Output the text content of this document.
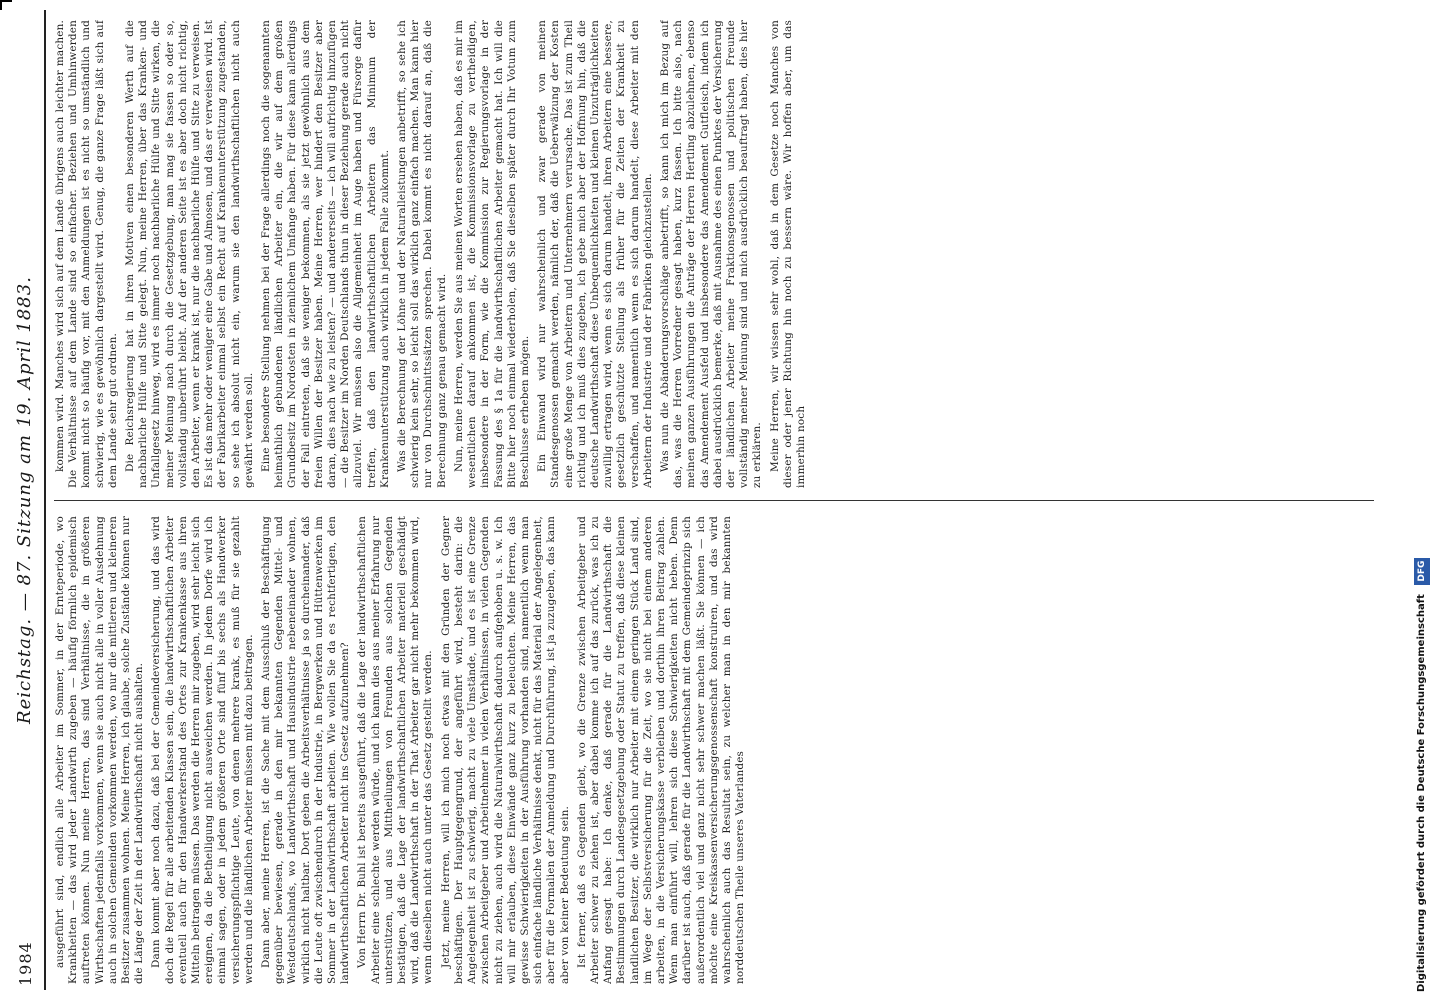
1984
Reichstag. — 87. Sitzung am 19. April 1883.

ausgeführt sind, endlich alle Arbeiter im Sommer, in der Ernteperiode, wo Krankheiten — das wird jeder Landwirth zugeben — häufig förmlich epidemisch auftreten können. Nun meine Herren, das sind Verhältnisse, die in größeren Wirthschaften jedenfalls vorkommen, wenn sie auch nicht alle in voller Ausdehnung auch in solchen Gemeinden vorkommen werden, wo nur die mittleren und kleineren Besitzer zusammen wohnen. Meine Herren, ich glaube, solche Zustände können nur die Länge der Zeit in der Landwirthschaft nicht aushalten. Dann kommt aber noch dazu, daß bei der Gemeindeversicherung, und das wird doch die Regel für alle arbeitenden Klassen sein, die landwirthschaftlichen Arbeiter eventuell auch für den Handwerkerstand des Ortes zur Krankenkasse aus ihren Mitteln beitragen müssen. Das werden die Herren mir zugeben, wird sehr leicht sich ereignen, da die Betheiligung nicht ausweichen werden. In jedem Dorfe wird ich einmal sagen, oder in jedem größeren Orte sind fünf bis sechs als Handwerker versicherungspflichtige Leute, von denen mehrere krank, es muß für sie gezahlt werden und die ländlichen Arbeiter müssen mit dazu beitragen. Dann aber, meine Herren, ist die Sache mit dem Ausschluß der Beschäftigung gegenüber bewiesen, gerade in den mir bekannten Gegenden Mittel- und Westdeutschlands, wo Landwirthschaft und Hausindustrie nebeneinander wohnen, wirklich nicht haltbar. Dort geben die Arbeitsverhältnisse ja so durcheinander, daß die Leute oft zwischendurch in der Industrie, in Bergwerken und Hüttenwerken im Sommer in der Landwirthschaft arbeiten. Wie wollen Sie da es rechtfertigen, den landwirthschaftlichen Arbeiter nicht ins Gesetz aufzunehmen? Von Herrn Dr. Buhl ist bereits ausgeführt, daß die Lage der landwirthschaftlichen Arbeiter eine schlechte werden würde, und ich kann dies aus meiner Erfahrung nur unterstützen, und aus Mittheilungen von Freunden aus solchen Gegenden bestätigen, daß die Lage der landwirthschaftlichen Arbeiter materiell geschädigt wird, daß die Landwirthschaft in der That Arbeiter gar nicht mehr bekommen wird, wenn dieselben nicht auch unter das Gesetz gestellt werden. Jetzt, meine Herren, will ich mich noch etwas mit den Gründen der Gegner beschäftigen. Der Hauptgegengrund, der angeführt wird, besteht darin: die Angelegenheit ist zu schwierig, macht zu viele Umstände, und es ist eine Grenze zwischen Arbeitgeber und Arbeitnehmer in vielen Verhältnissen, in vielen Gegenden nicht zu ziehen, auch wird die Naturalwirthschaft dadurch aufgehoben u. s. w. Ich will mir erlauben, diese Einwände ganz kurz zu beleuchten. Meine Herren, das gewisse Schwierigkeiten in der Ausführung vorhanden sind, namentlich wenn man sich einfache ländliche Verhältnisse denkt, nicht für das Material der Angelegenheit, aber für die Formalien der Anmeldung und Durchführung, ist ja zuzugeben, das kann aber von keiner Bedeutung sein. Ist ferner, daß es Gegenden giebt, wo die Grenze zwischen Arbeitgeber und Arbeiter schwer zu ziehen ist, aber dabei komme ich auf das zurück, was ich zu Anfang gesagt habe: Ich denke, daß gerade für die Landwirthschaft die Bestimmungen durch Landesgesetzgebung oder Statut zu treffen, daß diese kleinen landlichen Besitzer, die wirklich nur Arbeiter mit einem geringen Stück Land sind, im Wege der Selbstversicherung für die Zeit, wo sie nicht bei einem anderen arbeiten, in die Versicherungskasse verbleiben und dorthin ihren Beitrag zahlen. Wenn man einführt will, lehren sich diese Schwierigkeiten nicht heben. Denn darüber ist auch, daß gerade für die Landwirthschaft mit dem Gemeindeprinzip sich außerordentlich viel und ganz nicht sehr schwer machen läßt. Sie können — ich möchte eine Kreiskassenversicherungsgenossenschaft konstruiren, und das wird wahrscheinlich auch das Resultat sein, zu welcher man in den mir bekannten norddeutschen Theile unseres Vaterlandes

kommen wird. Manches wird sich auf dem Lande übrigens auch leichter machen. Die Verhältnisse auf dem Lande sind so einfacher. Beziehen und Umhinwerden kommt nicht so häufig vor, mit den Anmeldungen ist es nicht so umständlich und schwierig, wie es gewöhnlich dargestellt wird. Genug, die ganze Frage läßt sich auf dem Lande sehr gut ordnen. Die Reichsregierung hat in ihren Motiven einen besonderen Werth auf die nachbarliche Hülfe und Sitte gelegt. Nun, meine Herren, über das Kranken- und Unfallgesetz hinweg, wird es immer noch nachbarliche Hülfe und Sitte wirken, die meiner Meinung nach durch die Gesetzgebung, man mag sie fassen so oder so, vollständig unberührt bleibt. Auf der anderen Seite ist es aber doch nicht richtig, den Arbeiter, wenn er krank ist, nur die nachbarliche Hülfe und Sitte zu verweisen. Es ist das mehr oder weniger eine Gabe und Almosen, und das er verweisen wird. Ist der Fabrikarbeiter einmal selbst ein Recht auf Krankenunterstützung zugestanden, so sehe ich absolut nicht ein, warum sie den landwirthschaftlichen nicht auch gewährt werden soll. Eine besondere Stellung nehmen bei der Frage allerdings noch die sogenannten heimathlich gebundenen ländlichen Arbeiter ein, die wir auf dem großen Grundbesitz im Nordosten in ziemlichem Umfange haben. Für diese kann allerdings der Fall eintreten, daß sie weniger bekommen, als sie jetzt gewöhnlich aus dem freien Willen der Besitzer haben. Meine Herren, wer hindert den Besitzer aber daran, dies nach wie zu leisten? — und andererseits — ich will aufrichtig hinzufügen — die Besitzer im Norden Deutschlands thun in dieser Beziehung gerade auch nicht allzuviel. Wir müssen also die Allgemeinheit im Auge haben und Fürsorge dafür treffen, daß den landwirthschaftlichen Arbeitern das Minimum der Krankenunterstützung auch wirklich in jedem Falle zukommt. Was die Berechnung der Löhne und der Naturalleistungen anbetrifft, so sehe ich schwierig kein sehr, so leicht soll das wirklich ganz einfach machen. Man kann hier nur von Durchschnittssätzen sprechen. Dabei kommt es nicht darauf an, daß die Berechnung ganz genau gemacht wird. Nun, meine Herren, werden Sie aus meinen Worten ersehen haben, daß es mir im wesentlichen darauf ankommen ist, die Kommissionsvorlage zu vertheidigen, insbesondere in der Form, wie die Kommission zur Regierungsvorlage in der Fassung des § 1a für die landwirthschaftlichen Arbeiter gemacht hat. Ich will die Bitte hier noch einmal wiederholen, daß Sie dieselben später durch Ihr Votum zum Beschlusse erheben mögen. Ein Einwand wird nur wahrscheinlich und zwar gerade von meinen Standesgenossen gemacht werden, nämlich der, daß die Ueberwälzung der Kosten eine große Menge von Arbeitern und Unternehmern verursache. Das ist zum Theil richtig und ich muß dies zugeben, ich gebe mich aber der Hoffnung hin, daß die deutsche Landwirthschaft diese Unbequemlichkeiten und kleinen Unzuträglichkeiten zuwillig ertragen wird, wenn es sich darum handelt, ihren Arbeitern eine bessere, gesetzlich geschützte Stellung als früher für die Zeiten der Krankheit zu verschaffen, und namentlich wenn es sich darum handelt, diese Arbeiter mit den Arbeitern der Industrie und der Fabriken gleichzustellen. Was nun die Abänderungsvorschläge anbetrifft, so kann ich mich im Bezug auf das, was die Herren Vorredner gesagt haben, kurz fassen. Ich bitte also, nach meinen ganzen Ausführungen die Anträge der Herren Hertling abzulehnen, ebenso das Amendement Ausfeld und insbesondere das Amendement Gutfleisch, indem ich dabei ausdrücklich bemerke, daß mit Ausnahme des einen Punktes der Versicherung der ländlichen Arbeiter meine Fraktionsgenossen und politischen Freunde vollständig meiner Meinung sind und mich ausdrücklich beauftragt haben, dies hier zu erklären. Meine Herren, wir wissen sehr wohl, daß in dem Gesetze noch Manches von dieser oder jener Richtung hin noch zu bessern wäre. Wir hoffen aber, um das immerhin noch

Digitalisierung gefördert durch die Deutsche Forschungsgemeinschaft DFG
